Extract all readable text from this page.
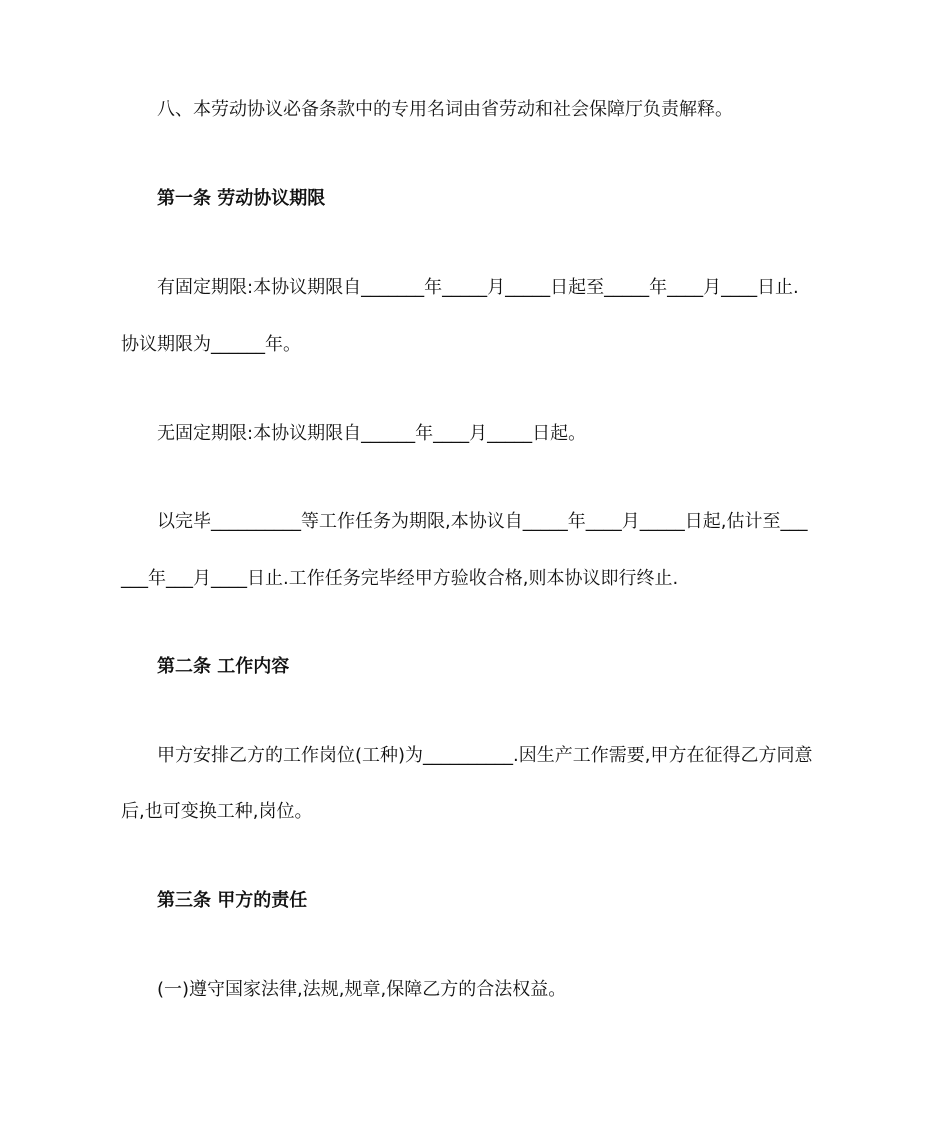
八、本劳动协议必备条款中的专用名词由省劳动和社会保障厅负责解释。
第一条 劳动协议期限
有固定期限:本协议期限自_______年_____月_____日起至_____年____月____日止.
协议期限为______年。
无固定期限:本协议期限自______年____月_____日起。
以完毕__________等工作任务为期限,本协议自_____年____月_____日起,估计至___
___年___月____日止.工作任务完毕经甲方验收合格,则本协议即行终止.
第二条 工作内容
甲方安排乙方的工作岗位(工种)为__________.因生产工作需要,甲方在征得乙方同意
后,也可变换工种,岗位。
第三条 甲方的责任
(一)遵守国家法律,法规,规章,保障乙方的合法权益。
